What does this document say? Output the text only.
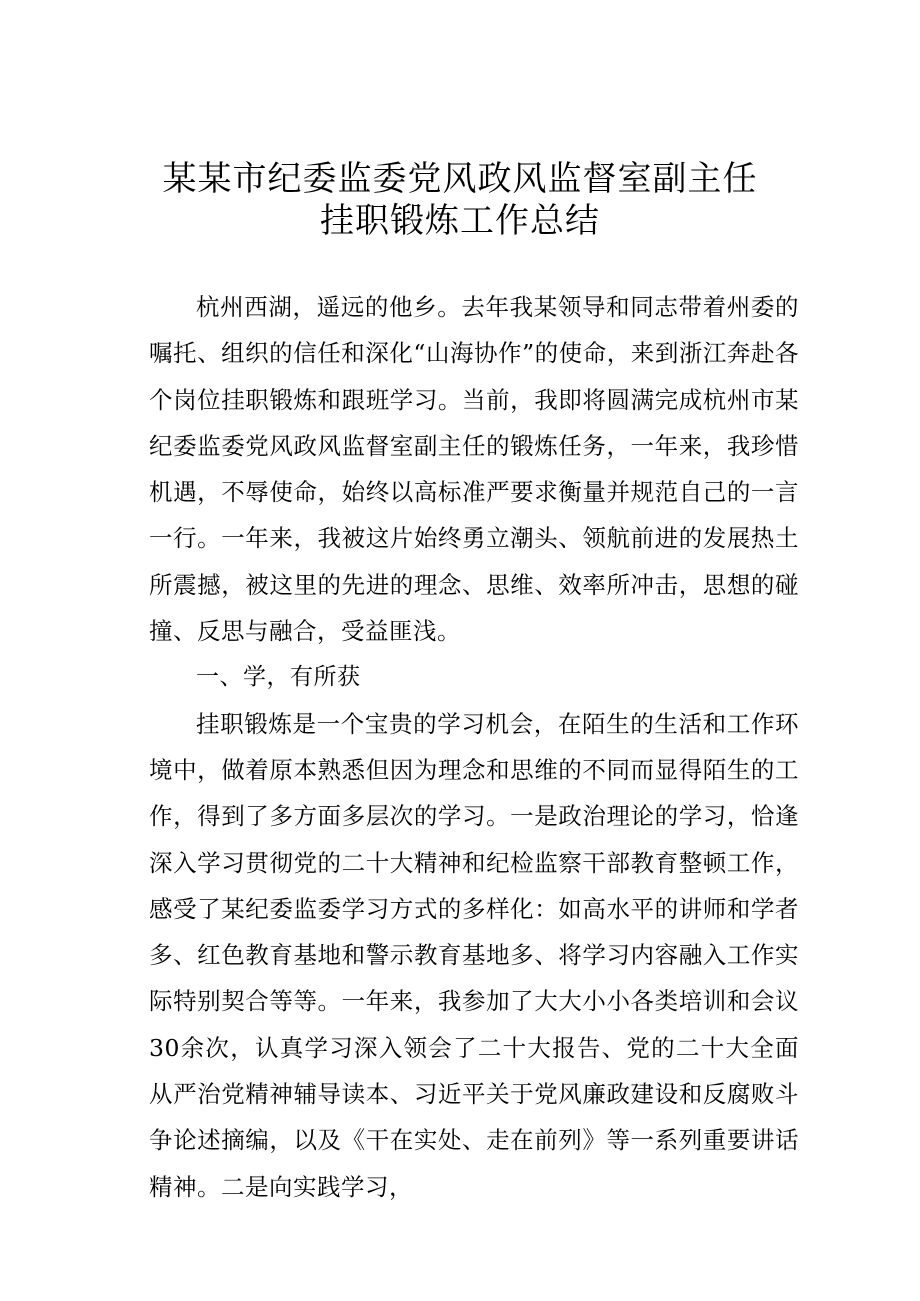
某某市纪委监委党风政风监督室副主任
挂职锻炼工作总结

杭州西湖，遥远的他乡。去年我某领导和同志带着州委的嘱托、组织的信任和深化“山海协作”的使命，来到浙江奔赴各个岗位挂职锻炼和跟班学习。当前，我即将圆满完成杭州市某纪委监委党风政风监督室副主任的锻炼任务，一年来，我珍惜机遇，不辱使命，始终以高标准严要求衡量并规范自己的一言一行。一年来，我被这片始终勇立潮头、领航前进的发展热土所震撼，被这里的先进的理念、思维、效率所冲击，思想的碰撞、反思与融合，受益匪浅。

一、学，有所获

挂职锻炼是一个宝贵的学习机会，在陌生的生活和工作环境中，做着原本熟悉但因为理念和思维的不同而显得陌生的工作，得到了多方面多层次的学习。一是政治理论的学习，恰逢深入学习贯彻党的二十大精神和纪检监察干部教育整顿工作，感受了某纪委监委学习方式的多样化：如高水平的讲师和学者多、红色教育基地和警示教育基地多、将学习内容融入工作实际特别契合等等。一年来，我参加了大大小小各类培训和会议30余次，认真学习深入领会了二十大报告、党的二十大全面从严治党精神辅导读本、习近平关于党风廉政建设和反腐败斗争论述摘编，以及《干在实处、走在前列》等一系列重要讲话精神。二是向实践学习，
